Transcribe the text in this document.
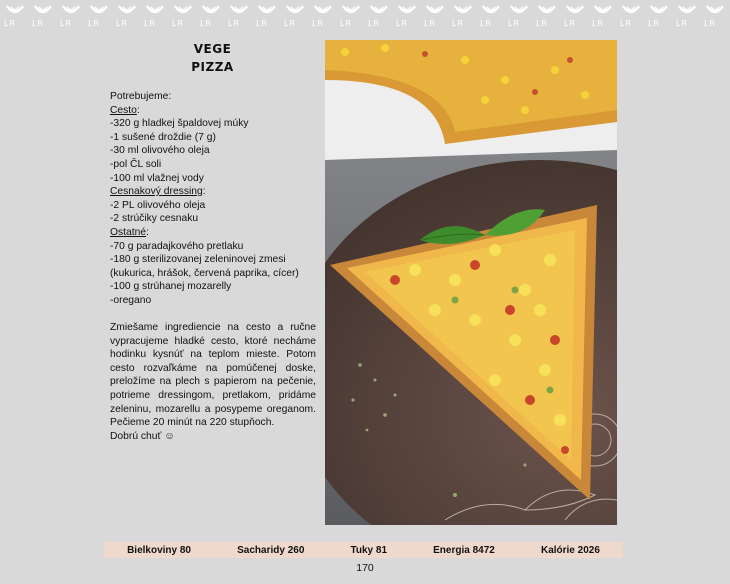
LR LR LR LR LR LR LR LR LR LR LR LR LR LR LR LR LR LR LR LR LR LR LR LR LR LR
VEGE
PIZZA
Potrebujeme:
Cesto:
-320 g hladkej špaldovej múky
-1 sušené droždie (7 g)
-30 ml olivového oleja
-pol ČL soli
-100 ml vlažnej vody
Cesnakový dressing:
-2 PL olivového oleja
-2 strúčiky cesnaku
Ostatné:
-70 g paradajkového pretlaku
-180 g sterilizovanej zeleninovej zmesi
(kukurica, hrášok, červená paprika, cícer)
-100 g strúhanej mozarelly
-oregano
Zmiešame ingrediencie na cesto a ručne vypracujeme hladké cesto, ktoré necháme hodinku kysnúť na teplom mieste. Potom cesto rozvaľkáme na pomúčenej doske, preložíme na plech s papierom na pečenie, potrieme dressingom, pretlakom, pridáme zeleninu, mozarellu a posypeme oreganom. Pečieme 20 minút na 220 stupňoch.
Dobrú chuť ☺
Bielkoviny 80	Sacharidy 260	Tuky 81	Energia 8472	Kalórie 2026
170
